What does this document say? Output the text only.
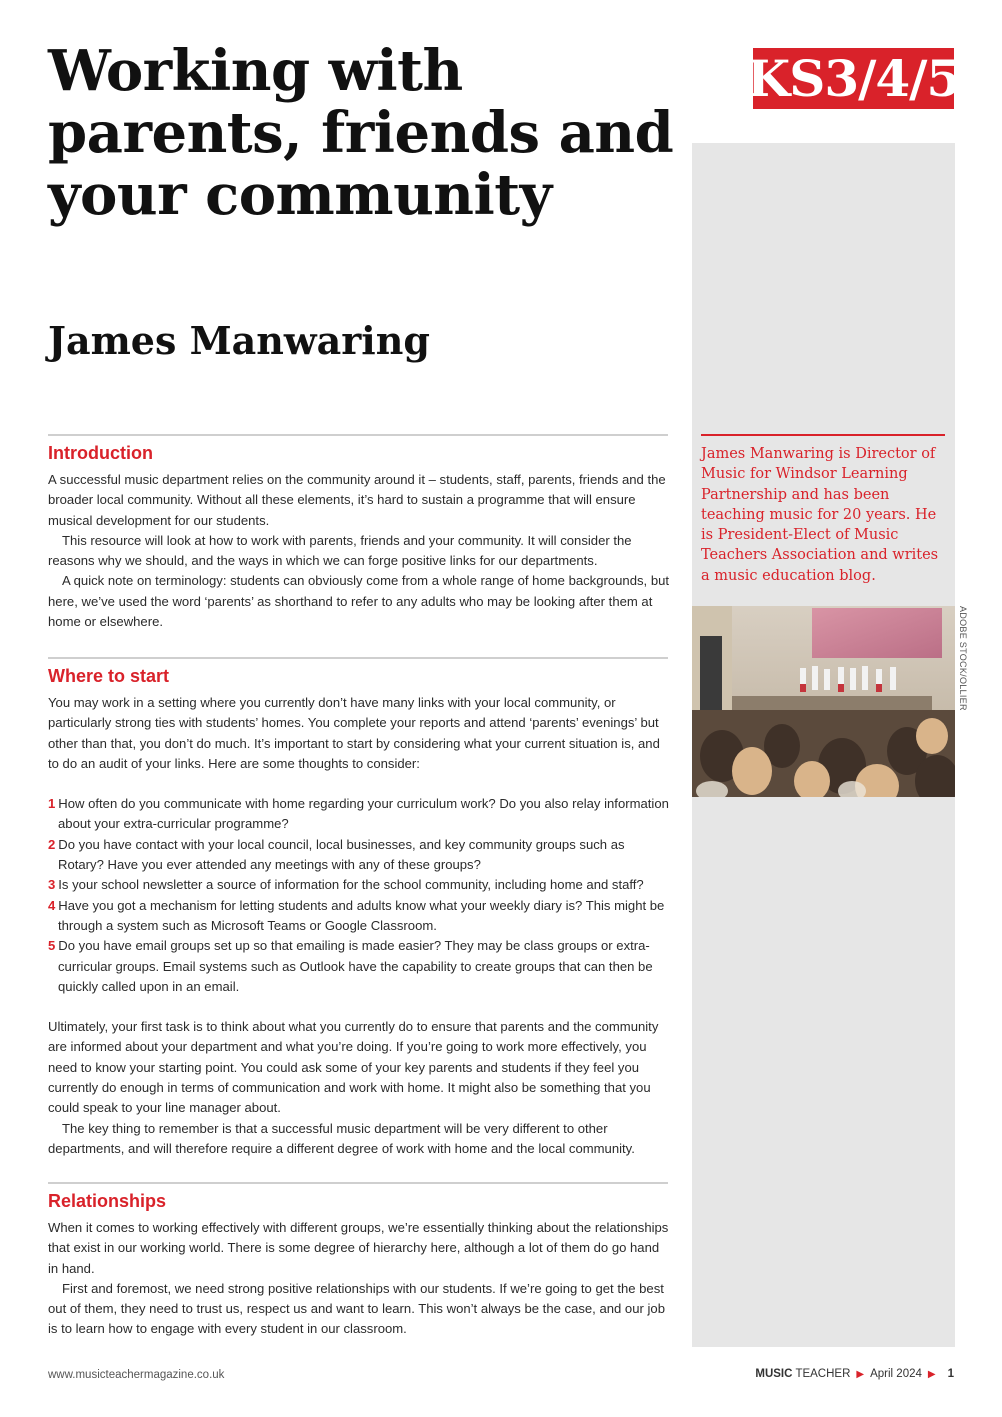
Working with
parents, friends and
your community
James Manwaring
KS3/4/5

James Manwaring is Director of Music for Windsor Learning Partnership and has been teaching music for 20 years. He is President-Elect of Music Teachers Association and writes a music education blog.

ADOBE STOCK/OLLIER
Introduction

A successful music department relies on the community around it – students, staff, parents, friends and the broader local community. Without all these elements, it’s hard to sustain a programme that will ensure musical development for our students.

This resource will look at how to work with parents, friends and your community. It will consider the reasons why we should, and the ways in which we can forge positive links for our departments.

A quick note on terminology: students can obviously come from a whole range of home backgrounds, but here, we’ve used the word ‘parents’ as shorthand to refer to any adults who may be looking after them at home or elsewhere.

Where to start

You may work in a setting where you currently don’t have many links with your local community, or particularly strong ties with students’ homes. You complete your reports and attend ‘parents’ evenings’ but other than that, you don’t do much. It’s important to start by considering what your current situation is, and to do an audit of your links. Here are some thoughts to consider:

1 How often do you communicate with home regarding your curriculum work? Do you also relay information about your extra-curricular programme?
2 Do you have contact with your local council, local businesses, and key community groups such as Rotary? Have you ever attended any meetings with any of these groups?
3 Is your school newsletter a source of information for the school community, including home and staff?
4 Have you got a mechanism for letting students and adults know what your weekly diary is? This might be through a system such as Microsoft Teams or Google Classroom.
5 Do you have email groups set up so that emailing is made easier? They may be class groups or extra-curricular groups. Email systems such as Outlook have the capability to create groups that can then be quickly called upon in an email.

Ultimately, your first task is to think about what you currently do to ensure that parents and the community are informed about your department and what you’re doing. If you’re going to work more effectively, you need to know your starting point. You could ask some of your key parents and students if they feel you currently do enough in terms of communication and work with home. It might also be something that you could speak to your line manager about.

The key thing to remember is that a successful music department will be very different to other departments, and will therefore require a different degree of work with home and the local community.

Relationships

When it comes to working effectively with different groups, we’re essentially thinking about the relationships that exist in our working world. There is some degree of hierarchy here, although a lot of them do go hand in hand.

First and foremost, we need strong positive relationships with our students. If we’re going to get the best out of them, they need to trust us, respect us and want to learn. This won’t always be the case, and our job is to learn how to engage with every student in our classroom.

www.musicteachermagazine.co.uk	MUSIC TEACHER ▶ April 2024 ▶ 1
